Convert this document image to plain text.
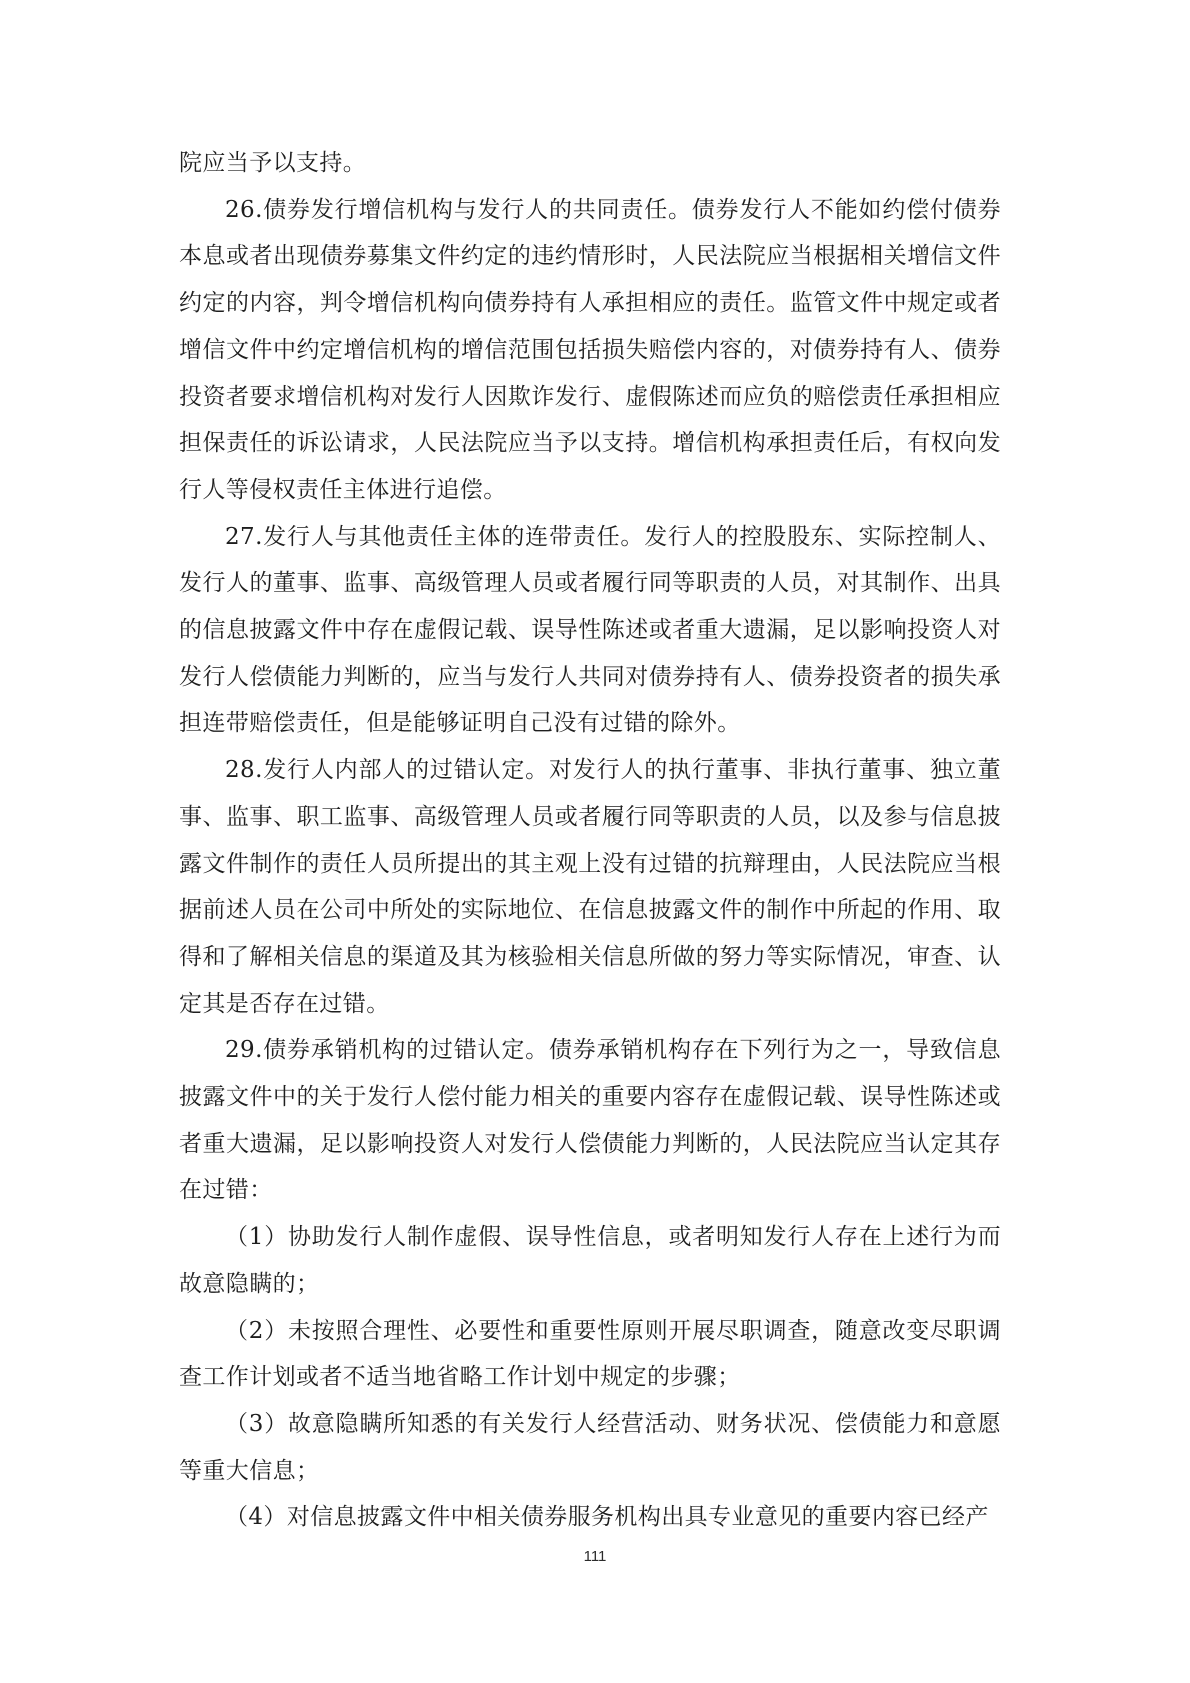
院应当予以支持。

26.债券发行增信机构与发行人的共同责任。债券发行人不能如约偿付债券本息或者出现债券募集文件约定的违约情形时，人民法院应当根据相关增信文件约定的内容，判令增信机构向债券持有人承担相应的责任。监管文件中规定或者增信文件中约定增信机构的增信范围包括损失赔偿内容的，对债券持有人、债券投资者要求增信机构对发行人因欺诈发行、虚假陈述而应负的赔偿责任承担相应担保责任的诉讼请求，人民法院应当予以支持。增信机构承担责任后，有权向发行人等侵权责任主体进行追偿。

27.发行人与其他责任主体的连带责任。发行人的控股股东、实际控制人、发行人的董事、监事、高级管理人员或者履行同等职责的人员，对其制作、出具的信息披露文件中存在虚假记载、误导性陈述或者重大遗漏，足以影响投资人对发行人偿债能力判断的，应当与发行人共同对债券持有人、债券投资者的损失承担连带赔偿责任，但是能够证明自己没有过错的除外。

28.发行人内部人的过错认定。对发行人的执行董事、非执行董事、独立董事、监事、职工监事、高级管理人员或者履行同等职责的人员，以及参与信息披露文件制作的责任人员所提出的其主观上没有过错的抗辩理由，人民法院应当根据前述人员在公司中所处的实际地位、在信息披露文件的制作中所起的作用、取得和了解相关信息的渠道及其为核验相关信息所做的努力等实际情况，审查、认定其是否存在过错。

29.债券承销机构的过错认定。债券承销机构存在下列行为之一，导致信息披露文件中的关于发行人偿付能力相关的重要内容存在虚假记载、误导性陈述或者重大遗漏，足以影响投资人对发行人偿债能力判断的，人民法院应当认定其存在过错：

（1）协助发行人制作虚假、误导性信息，或者明知发行人存在上述行为而故意隐瞒的；

（2）未按照合理性、必要性和重要性原则开展尽职调查，随意改变尽职调查工作计划或者不适当地省略工作计划中规定的步骤；

（3）故意隐瞒所知悉的有关发行人经营活动、财务状况、偿债能力和意愿等重大信息；

（4）对信息披露文件中相关债券服务机构出具专业意见的重要内容已经产

111
